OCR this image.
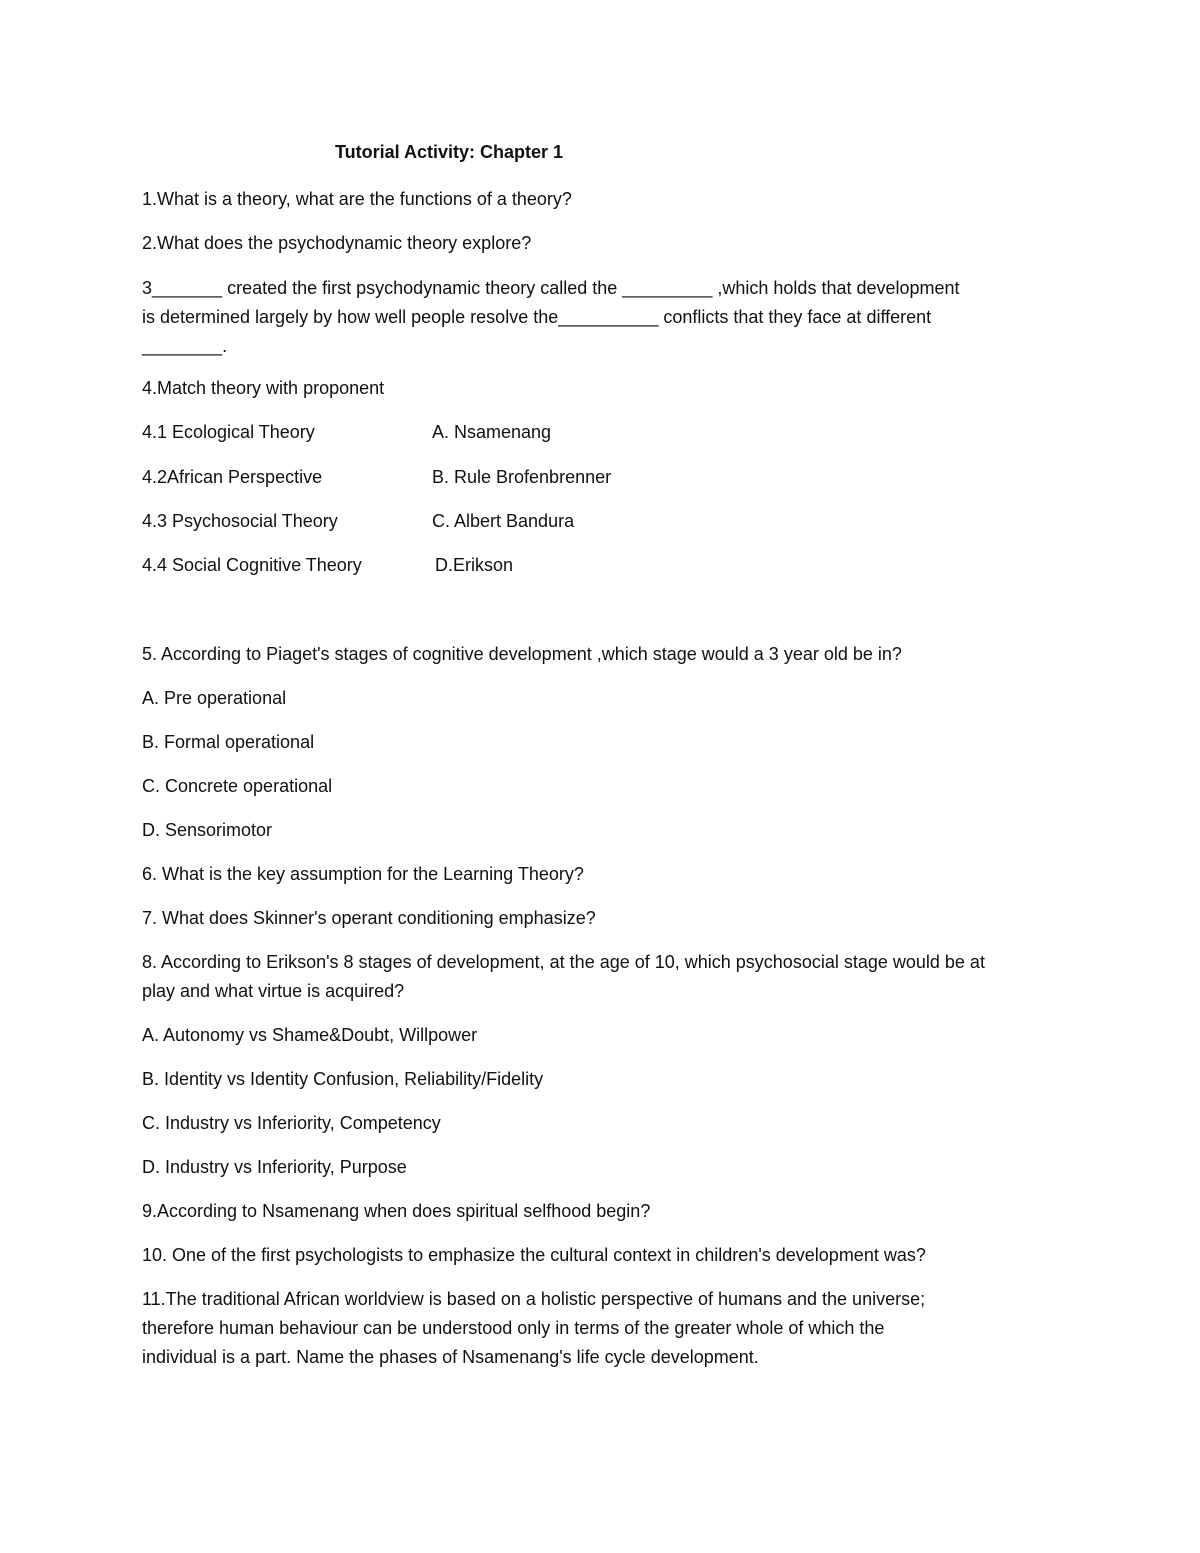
Tutorial Activity: Chapter 1

1.What is a theory, what are the functions of a theory?

2.What does the psychodynamic theory explore?

3_______ created the first psychodynamic theory called the _________ ,which holds that development

is determined largely by how well people resolve the__________ conflicts that they face at different

________.

4.Match theory with proponent

4.1 Ecological Theory	A. Nsamenang

4.2African Perspective	B. Rule Brofenbrenner

4.3 Psychosocial Theory	C. Albert Bandura

4.4 Social Cognitive Theory	D.Erikson

5. According to Piaget's stages of cognitive development ,which stage would a 3 year old be in?

A. Pre operational

B. Formal operational

C. Concrete operational

D. Sensorimotor

6. What is the key assumption for the Learning Theory?

7. What does Skinner's operant conditioning emphasize?

8. According to Erikson's 8 stages of development, at the age of 10, which psychosocial stage would be at

play and what virtue is acquired?

A. Autonomy vs Shame&Doubt, Willpower

B. Identity vs Identity Confusion, Reliability/Fidelity

C. Industry vs Inferiority, Competency

D. Industry vs Inferiority, Purpose

9.According to Nsamenang when does spiritual selfhood begin?

10. One of the first psychologists to emphasize the cultural context in children's development was?

11.The traditional African worldview is based on a holistic perspective of humans and the universe;

therefore human behaviour can be understood only in terms of the greater whole of which the

individual is a part. Name the phases of Nsamenang's life cycle development.
